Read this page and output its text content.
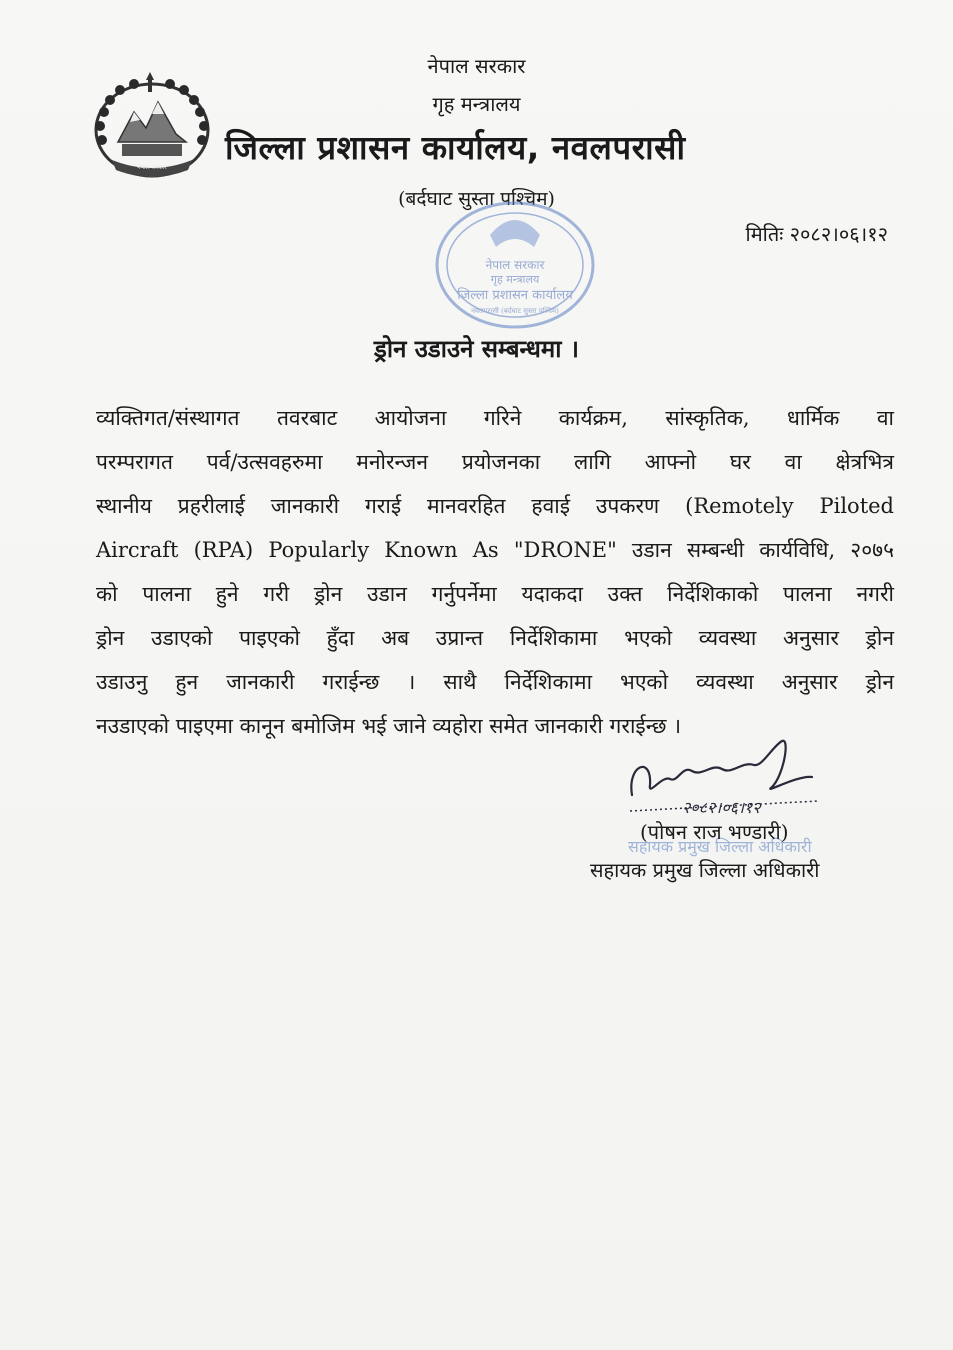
नेपाल सरकार
नेपाल सरकार
गृह मन्त्रालय
जिल्ला प्रशासन कार्यालय, नवलपरासी
(बर्दघाट सुस्ता पश्चिम)
नेपाल सरकार
गृह मन्त्रालय
जिल्ला प्रशासन कार्यालय
नवलपरासी (बर्दघाट सुस्ता पश्चिम)
मितिः २०८२।०६।१२
ड्रोन उडाउने सम्बन्धमा ।
व्यक्तिगत/संस्थागत तवरबाट आयोजना गरिने कार्यक्रम, सांस्कृतिक, धार्मिक वा
परम्परागत पर्व/उत्सवहरुमा मनोरन्जन प्रयोजनका लागि आफ्नो घर वा क्षेत्रभित्र
स्थानीय प्रहरीलाई जानकारी गराई मानवरहित हवाई उपकरण (Remotely Piloted
Aircraft (RPA) Popularly Known As "DRONE" उडान सम्बन्धी कार्यविधि, २०७५
को पालना हुने गरी ड्रोन उडान गर्नुपर्नेमा यदाकदा उक्त निर्देशिकाको पालना नगरी
ड्रोन उडाएको पाइएको हुँदा अब उप्रान्त निर्देशिकामा भएको व्यवस्था अनुसार ड्रोन
उडाउनु हुन जानकारी गराईन्छ । साथै निर्देशिकामा भएको व्यवस्था अनुसार ड्रोन
नउडाएको पाइएमा कानून बमोजिम भई जाने व्यहोरा समेत जानकारी गराईन्छ ।
सहायक प्रमुख जिल्ला अधिकारी
२०८२।०६।१२
(पोषन राज भण्डारी)
सहायक प्रमुख जिल्ला अधिकारी
